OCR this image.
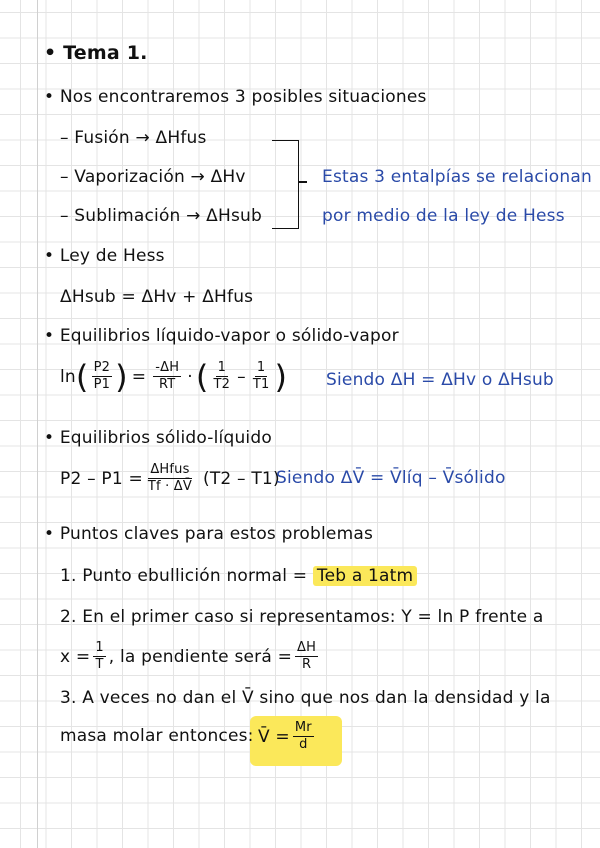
• Tema 1.
• Nos encontraremos 3 posibles situaciones
– Fusión → ΔHfus
– Vaporización → ΔHv
– Sublimación → ΔHsub
Estas 3 entalpías se relacionan
por medio de la ley de Hess
• Ley de Hess
ΔHsub = ΔHv + ΔHfus
• Equilibrios líquido-vapor o sólido-vapor
ln ( $\frac{P2}{P1}$ ) = $\frac{-\Delta H}{RT}$ · ( $\frac{1}{T2} - \frac{1}{T1}$ ) Siendo ΔH = ΔHv o ΔHsub
• Equilibrios sólido-líquido
$P2 - P1 = \frac{\text{ΔHfus}}{Tf \cdot \Delta V̄} (T2 - T1)$
Siendo ΔV̄ = V̄líq – V̄sólido
• Puntos claves para estos problemas
1. Punto ebullición normal = Teb a 1atm
2. En el primer caso si representamos: Y = ln P frente a
$x = \frac{1}{T}$ , la pendiente será = $\frac{\Delta H}{R}$
3. A veces no dan el V̄ sino que nos dan la densidad y la
masa molar entonces: V̄ = $\frac{Mr}{d}$
